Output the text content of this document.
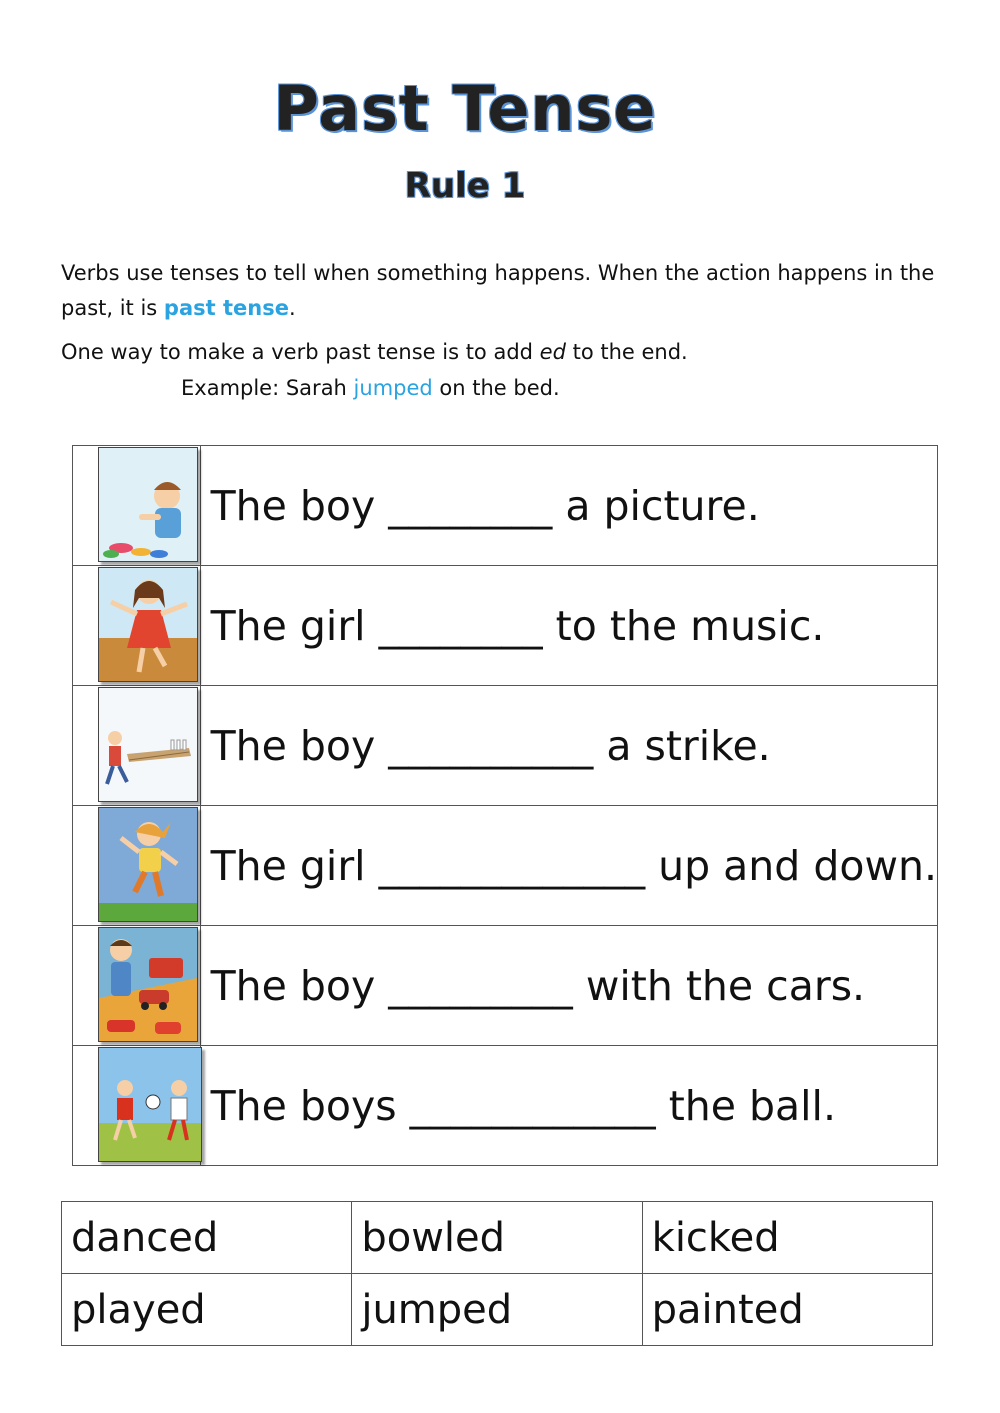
Past Tense
Rule 1

Verbs use tenses to tell when something happens. When the action happens in the past, it is past tense.

One way to make a verb past tense is to add ed to the end.

Example: Sarah jumped on the bed.

	The boy ________ a picture.

	The girl ________ to the music.

	The boy __________ a strike.

	The girl _____________ up and down.

	The boy _________ with the cars.

	The boys ____________ the ball.
danced	bowled	kicked
played	jumped	painted
